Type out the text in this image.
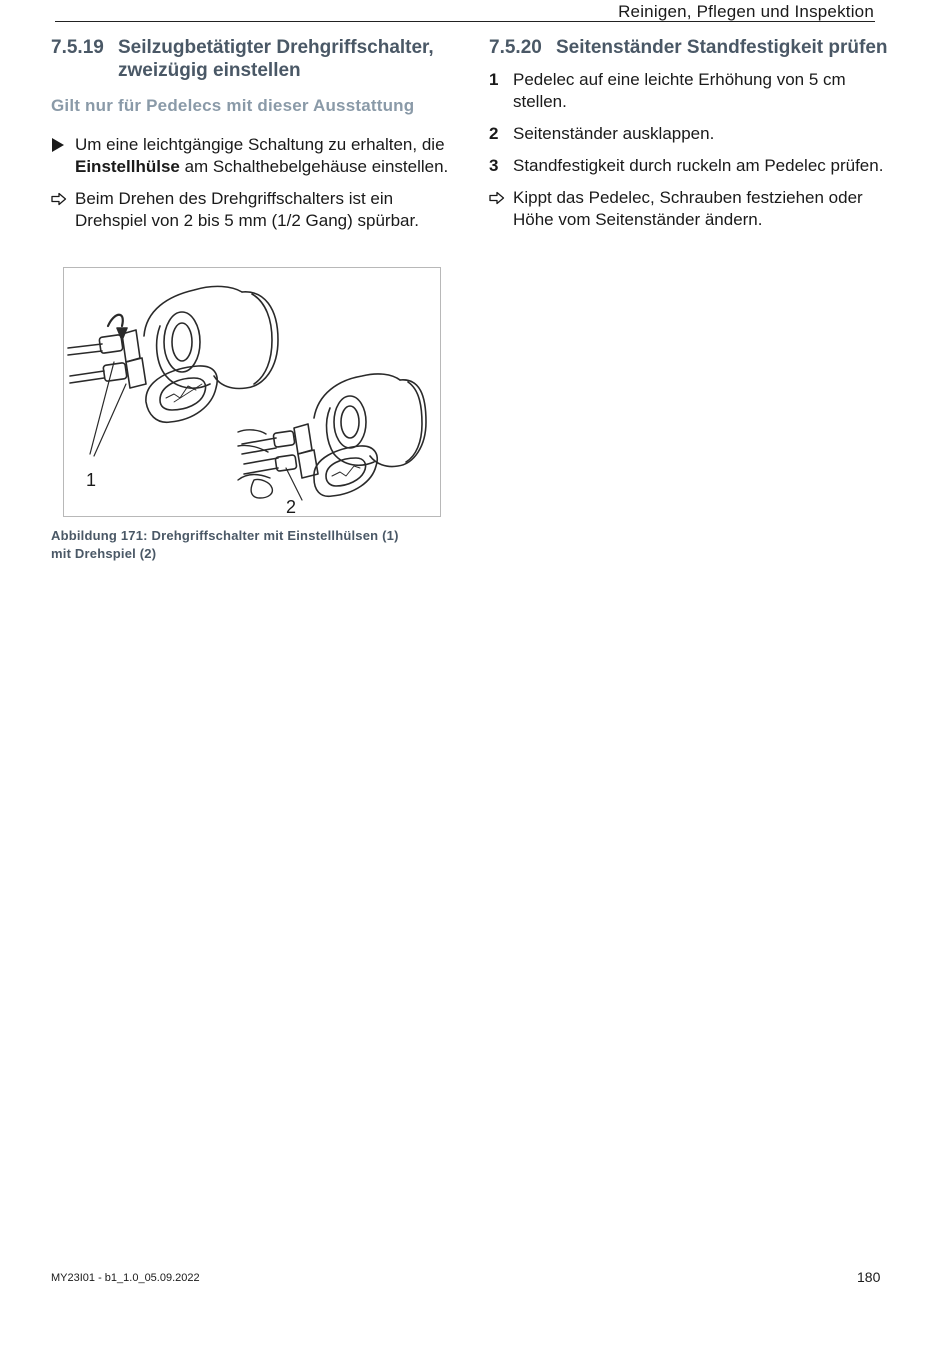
Reinigen, Pflegen und Inspektion
7.5.19 Seilzugbetätigter Drehgriffschalter, zweizügig einstellen
Gilt nur für Pedelecs mit dieser Ausstattung
Um eine leichtgängige Schaltung zu erhalten, die Einstellhülse am Schalthebelgehäuse einstellen.
Beim Drehen des Drehgriffschalters ist ein Drehspiel von 2 bis 5 mm (1/2 Gang) spürbar.
1
2
Abbildung 171: Drehgriffschalter mit Einstellhülsen (1)
mit Drehspiel (2)
7.5.20 Seitenständer Standfestigkeit prüfen
1 Pedelec auf eine leichte Erhöhung von 5 cm stellen.
2 Seitenständer ausklappen.
3 Standfestigkeit durch ruckeln am Pedelec prüfen.
Kippt das Pedelec, Schrauben festziehen oder Höhe vom Seitenständer ändern.
MY23I01 - b1_1.0_05.09.2022	180
